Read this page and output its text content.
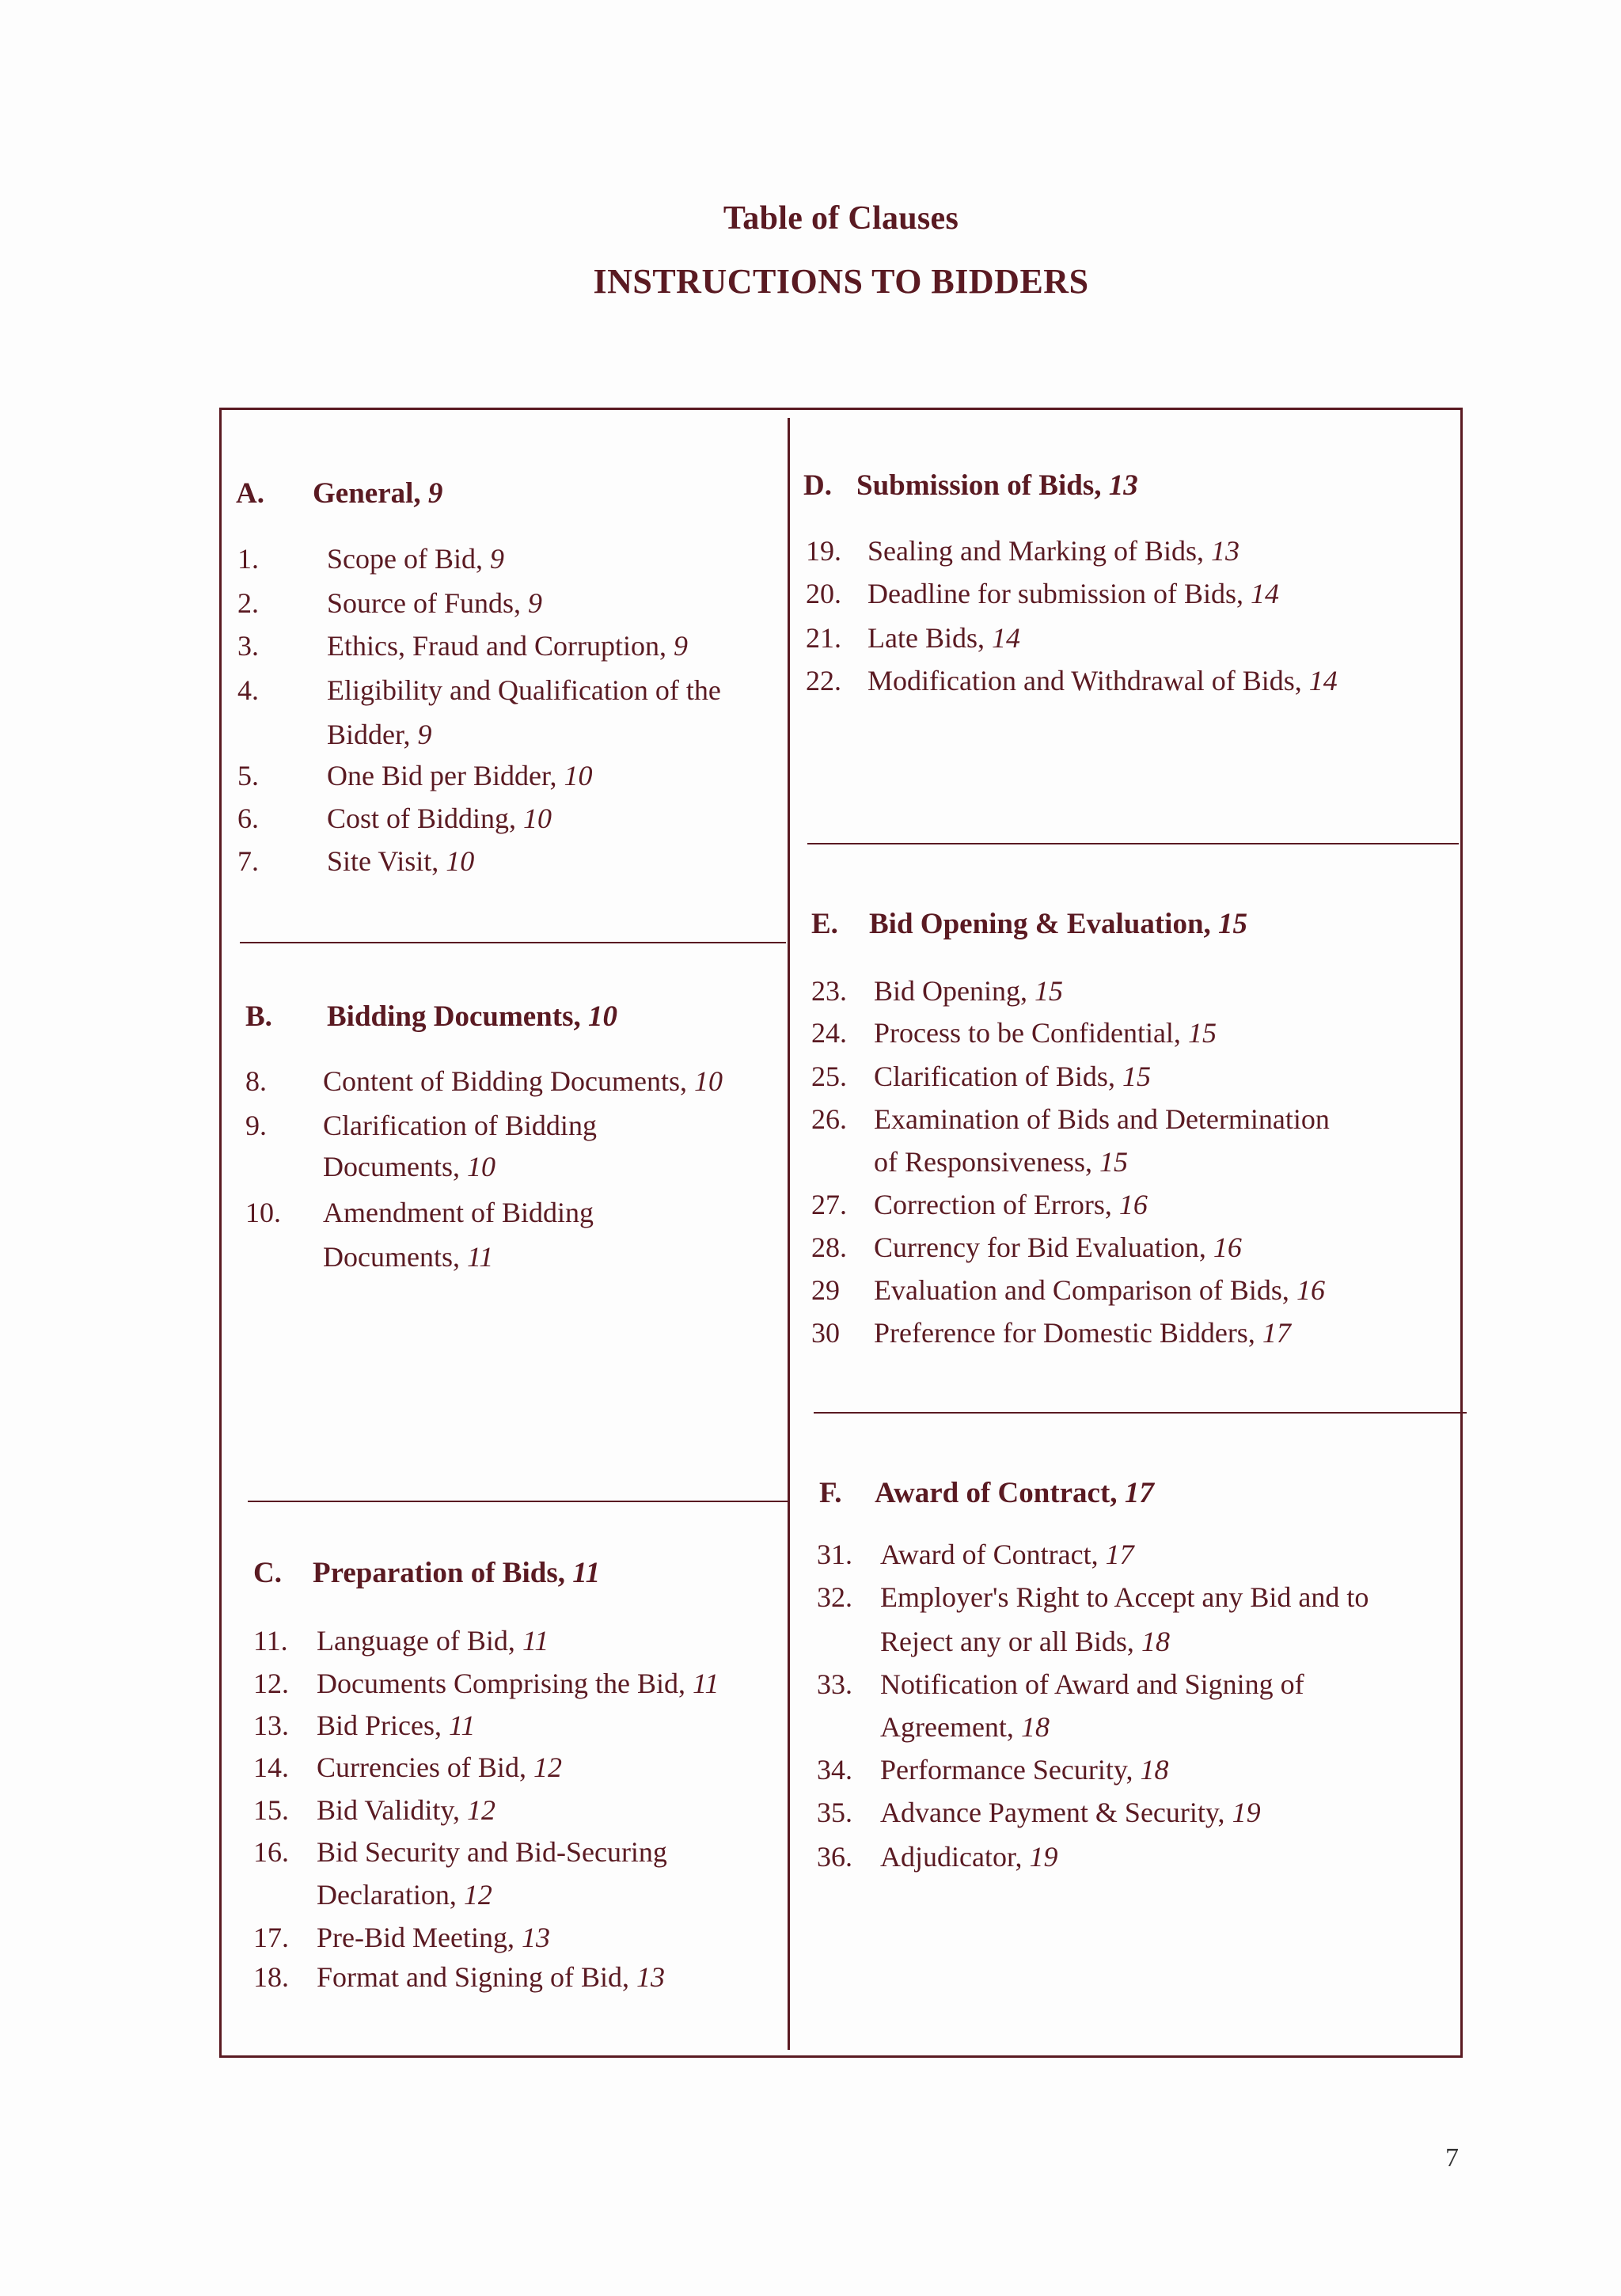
Table of Clauses
INSTRUCTIONS TO BIDDERS
A. General, 9
1. Scope of Bid, 9
2. Source of Funds, 9
3. Ethics, Fraud and Corruption, 9
4. Eligibility and Qualification of the
Bidder, 9
5. One Bid per Bidder, 10
6. Cost of Bidding, 10
7. Site Visit, 10
B. Bidding Documents, 10
8. Content of Bidding Documents, 10
9. Clarification of Bidding
Documents, 10
10. Amendment of Bidding
Documents, 11
C. Preparation of Bids, 11
11. Language of Bid, 11
12. Documents Comprising the Bid, 11
13. Bid Prices, 11
14. Currencies of Bid, 12
15. Bid Validity, 12
16. Bid Security and Bid-Securing
Declaration, 12
17. Pre-Bid Meeting, 13
18. Format and Signing of Bid, 13
D. Submission of Bids, 13
19. Sealing and Marking of Bids, 13
20. Deadline for submission of Bids, 14
21. Late Bids, 14
22. Modification and Withdrawal of Bids, 14
E. Bid Opening & Evaluation, 15
23. Bid Opening, 15
24. Process to be Confidential, 15
25. Clarification of Bids, 15
26. Examination of Bids and Determination
of Responsiveness, 15
27. Correction of Errors, 16
28. Currency for Bid Evaluation, 16
29 Evaluation and Comparison of Bids, 16
30 Preference for Domestic Bidders, 17
F. Award of Contract, 17
31. Award of Contract, 17
32. Employer's Right to Accept any Bid and to
Reject any or all Bids, 18
33. Notification of Award and Signing of
Agreement, 18
34. Performance Security, 18
35. Advance Payment & Security, 19
36. Adjudicator, 19
7
